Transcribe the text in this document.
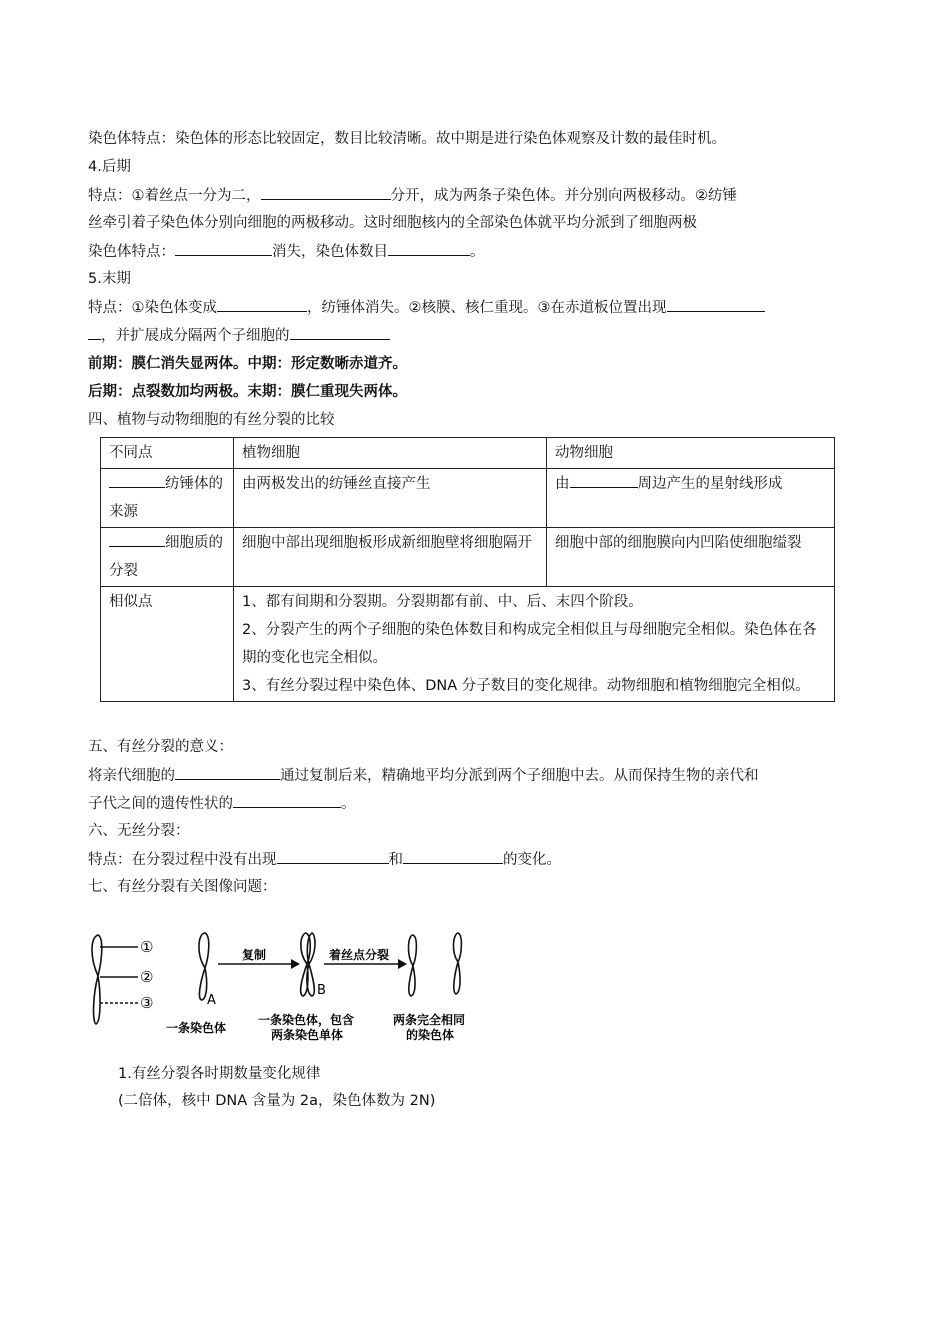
染色体特点：染色体的形态比较固定，数目比较清晰。故中期是进行染色体观察及计数的最佳时机。
4.后期
特点：①着丝点一分为二，	分开，成为两条子染色体。并分别向两极移动。②纺锤
丝牵引着子染色体分别向细胞的两极移动。这时细胞核内的全部染色体就平均分派到了细胞两极
染色体特点：	消失，染色体数目	。
5.末期
特点：①染色体变成	，纺锤体消失。②核膜、核仁重现。③在赤道板位置出现
，并扩展成分隔两个子细胞的
前期：膜仁消失显两体。中期：形定数晰赤道齐。
后期：点裂数加均两极。末期：膜仁重现失两体。
四、植物与动物细胞的有丝分裂的比较
不同点	植物细胞	动物细胞
纺锤体的来源	由两极发出的纺锤丝直接产生	由 周边产生的星射线形成
细胞质的分裂	细胞中部出现细胞板形成新细胞壁将细胞隔开	细胞中部的细胞膜向内凹陷使细胞缢裂
相似点	1、都有间期和分裂期。分裂期都有前、中、后、末四个阶段。
2、分裂产生的两个子细胞的染色体数目和构成完全相似且与母细胞完全相似。染色体在各期的变化也完全相似。
3、有丝分裂过程中染色体、DNA 分子数目的变化规律。动物细胞和植物细胞完全相似。	
五、有丝分裂的意义：
将亲代细胞的	通过复制后来，精确地平均分派到两个子细胞中去。从而保持生物的亲代和
子代之间的遗传性状的	。
六、无丝分裂：
特点：在分裂过程中没有出现	和	的变化。
七、有丝分裂有关图像问题：
①
②
③	A
B
复制	着丝点分裂
一条染色体
一条染色体，包含
两条染色单体
两条完全相同
的染色体
1.有丝分裂各时期数量变化规律
(二倍体，核中 DNA 含量为 2a，染色体数为 2N)
